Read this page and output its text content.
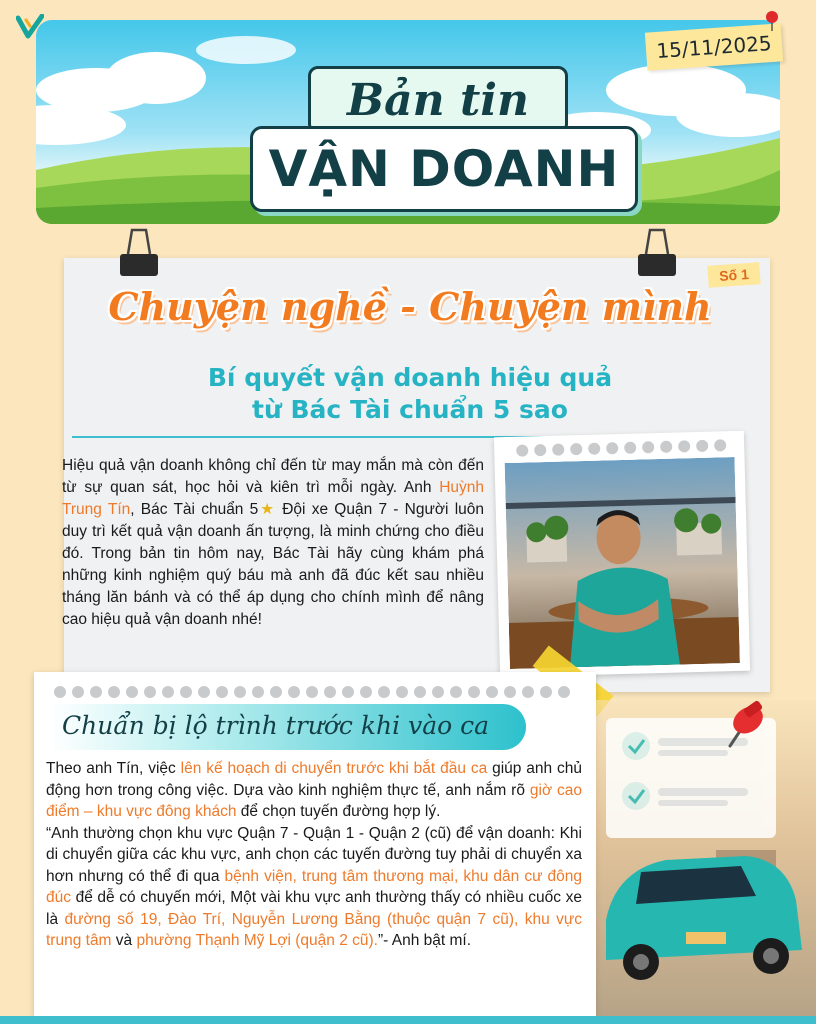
Bản tin
VẬN DOANH
15/11/2025
Số 1
Chuyện nghề - Chuyện mình
Bí quyết vận doanh hiệu quả
từ Bác Tài chuẩn 5 sao

Hiệu quả vận doanh không chỉ đến từ may mắn mà còn đến từ sự quan sát, học hỏi và kiên trì mỗi ngày. Anh Huỳnh Trung Tín, Bác Tài chuẩn 5★ Đội xe Quận 7 - Người luôn duy trì kết quả vận doanh ấn tượng, là minh chứng cho điều đó. Trong bản tin hôm nay, Bác Tài hãy cùng khám phá những kinh nghiệm quý báu mà anh đã đúc kết sau nhiều tháng lăn bánh và có thể áp dụng cho chính mình để nâng cao hiệu quả vận doanh nhé!

Chuẩn bị lộ trình trước khi vào ca

Theo anh Tín, việc lên kế hoạch di chuyển trước khi bắt đầu ca giúp anh chủ động hơn trong công việc. Dựa vào kinh nghiệm thực tế, anh nắm rõ giờ cao điểm – khu vực đông khách để chọn tuyến đường hợp lý.

“Anh thường chọn khu vực Quận 7 - Quận 1 - Quận 2 (cũ) để vận doanh: Khi di chuyển giữa các khu vực, anh chọn các tuyến đường tuy phải di chuyển xa hơn nhưng có thể đi qua bệnh viện, trung tâm thương mại, khu dân cư đông đúc để dễ có chuyến mới, Một vài khu vực anh thường thấy có nhiều cuốc xe là đường số 19, Đào Trí, Nguyễn Lương Bằng (thuộc quận 7 cũ), khu vực trung tâm và phường Thạnh Mỹ Lợi (quận 2 cũ).”- Anh bật mí.
